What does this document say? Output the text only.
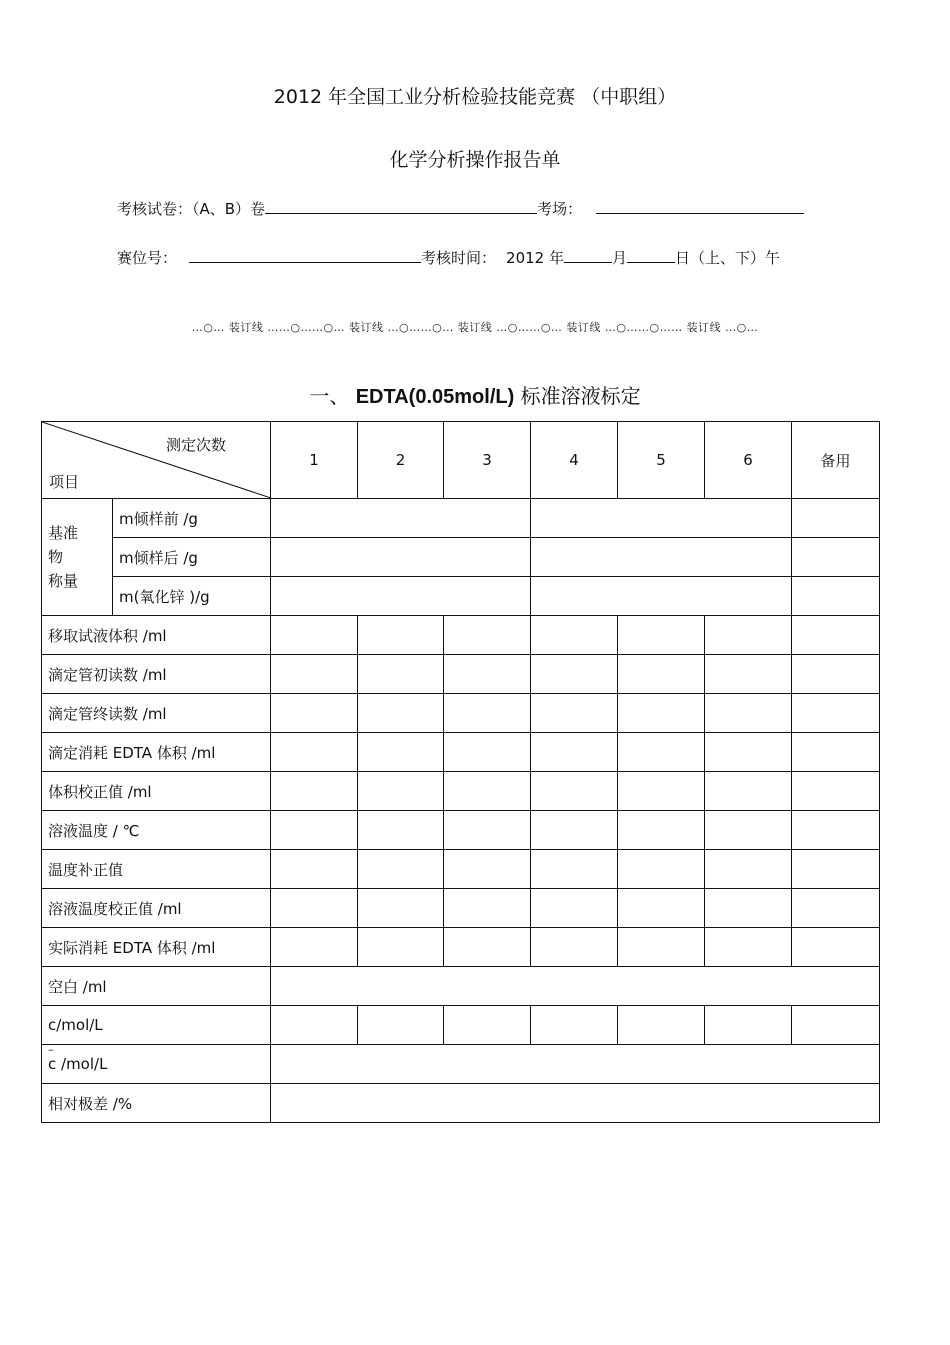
2012 年全国工业分析检验技能竞赛 （中职组）
化学分析操作报告单
考核试卷：（A、B）卷	考场：
赛位号：	考核时间： 2012 年	月	日（上、下）午
…○… 装订线 ……○……○… 装订线 …○……○… 装订线 …○……○… 装订线 …○……○…… 装订线 …○…
一、 EDTA(0.05mol/L) 标准溶液标定
测定次数
项目		1	2	3	4	5	6	备用
基准
物
称量	m倾样前 /g							
	m倾样后 /g							
	m(氧化锌 )/g							
移取试液体积 /ml								
滴定管初读数 /ml								
滴定管终读数 /ml								
滴定消耗 EDTA 体积 /ml								
体积校正值 /ml								
溶液温度 / ℃								
温度补正值								
溶液温度校正值 /ml								
实际消耗 EDTA 体积 /ml								
空白 /ml								
c/mol/L								
– c /mol/L	
相对极差 /%								
